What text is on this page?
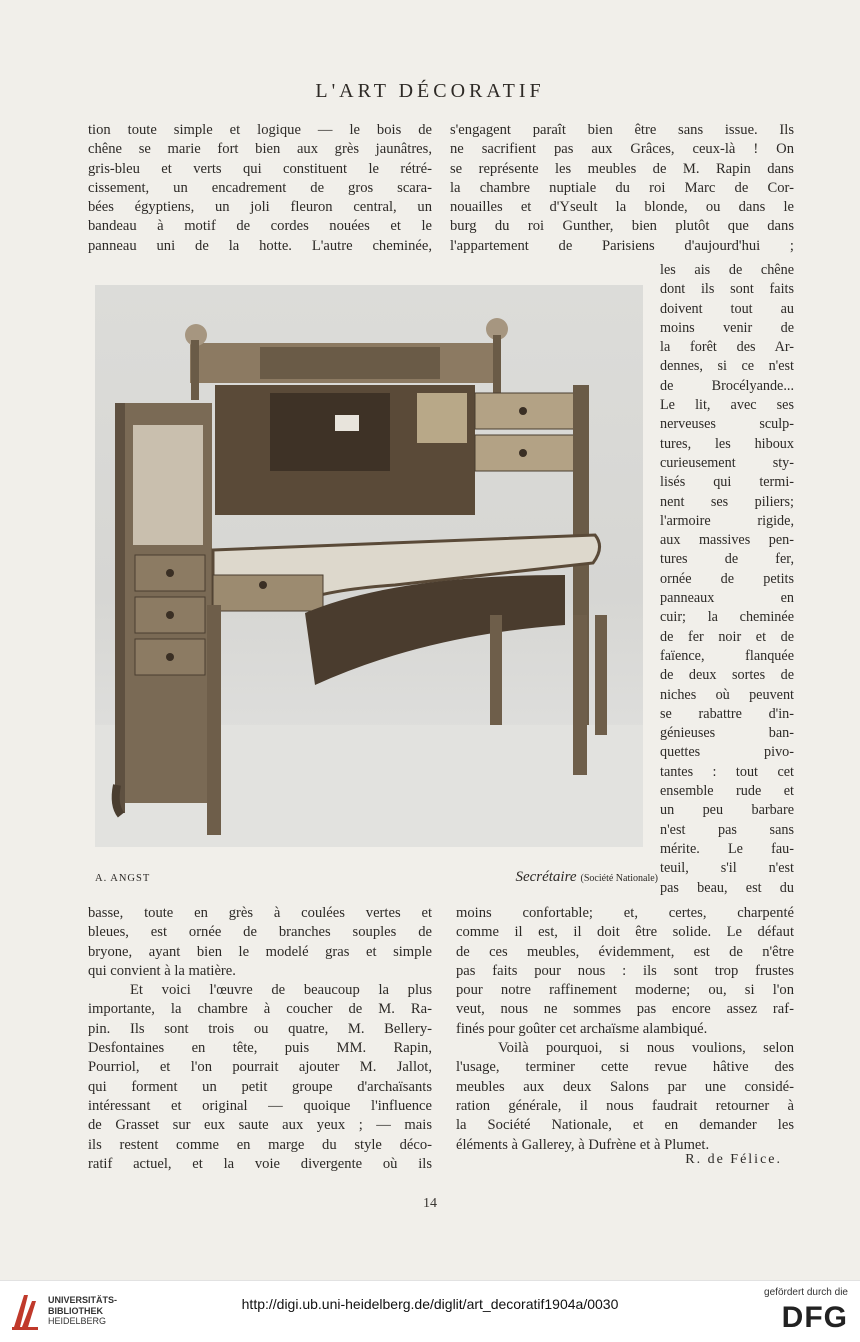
L'ART DÉCORATIF

tion toute simple et logique — le bois de
chêne se marie fort bien aux grès jaunâtres,
gris-bleu et verts qui constituent le rétré-
cissement, un encadrement de gros scara-
bées égyptiens, un joli fleuron central, un
bandeau à motif de cordes nouées et le
panneau uni de la hotte. L'autre cheminée,

s'engagent paraît bien être sans issue. Ils
ne sacrifient pas aux Grâces, ceux-là ! On
se représente les meubles de M. Rapin dans
la chambre nuptiale du roi Marc de Cor-
nouailles et d'Yseult la blonde, ou dans le
burg du roi Gunther, bien plutôt que dans
l'appartement de Parisiens d'aujourd'hui ;

les ais de chêne
dont ils sont faits
doivent tout au
moins venir de
la forêt des Ar-
dennes, si ce n'est
de Brocélyande...
Le lit, avec ses
nerveuses sculp-
tures, les hiboux
curieusement sty-
lisés qui termi-
nent ses piliers;
l'armoire rigide,
aux massives pen-
tures de fer,
ornée de petits
panneaux en
cuir; la cheminée
de fer noir et de
faïence, flanquée
de deux sortes de
niches où peuvent
se rabattre d'in-
génieuses ban-
quettes pivo-
tantes : tout cet
ensemble rude et
un peu barbare
n'est pas sans
mérite. Le fau-
teuil, s'il n'est
pas beau, est du

A. ANGST	Secrétaire (Société Nationale)

basse, toute en grès à coulées vertes et
bleues, est ornée de branches souples de
bryone, ayant bien le modelé gras et simple
qui convient à la matière.

Et voici l'œuvre de beaucoup la plus
importante, la chambre à coucher de M. Ra-
pin. Ils sont trois ou quatre, M. Bellery-
Desfontaines en tête, puis MM. Rapin,
Pourriol, et l'on pourrait ajouter M. Jallot,
qui forment un petit groupe d'archaïsants
intéressant et original — quoique l'influence
de Grasset sur eux saute aux yeux ; — mais
ils restent comme en marge du style déco-
ratif actuel, et la voie divergente où ils

moins confortable; et, certes, charpenté
comme il est, il doit être solide. Le défaut
de ces meubles, évidemment, est de n'être
pas faits pour nous : ils sont trop frustes
pour notre raffinement moderne; ou, si l'on
veut, nous ne sommes pas encore assez raf-
finés pour goûter cet archaïsme alambiqué.

Voilà pourquoi, si nous voulions, selon
l'usage, terminer cette revue hâtive des
meubles aux deux Salons par une considé-
ration générale, il nous faudrait retourner à
la Société Nationale, et en demander les
éléments à Gallerey, à Dufrène et à Plumet.

R. de Félice.
14
UNIVERSITÄTS-
BIBLIOTHEK
HEIDELBERG
http://digi.ub.uni-heidelberg.de/diglit/art_decoratif1904a/0030
gefördert durch die
DFG
